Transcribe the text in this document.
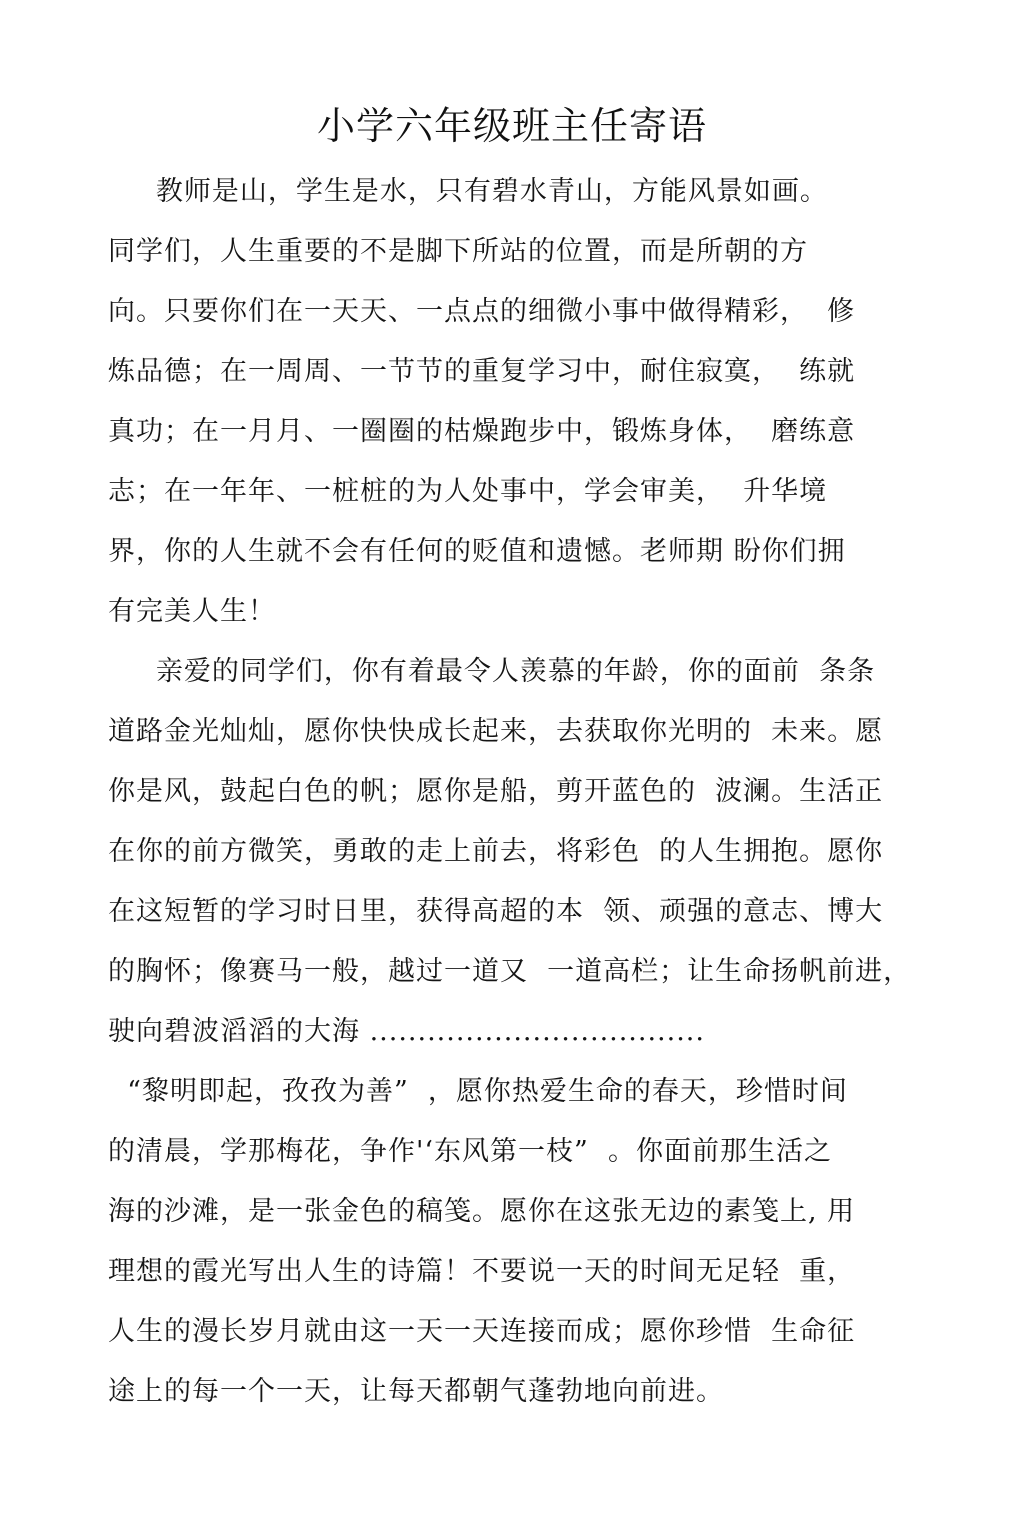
小学六年级班主任寄语
教师是山，学生是水，只有碧水青山，方能风景如画。
同学们，人生重要的不是脚下所站的位置，而是所朝的方
向。只要你们在一天天、一点点的细微小事中做得精彩，  修
炼品德；在一周周、一节节的重复学习中，耐住寂寞，  练就
真功；在一月月、一圈圈的枯燥跑步中，锻炼身体，  磨练意
志；在一年年、一桩桩的为人处事中，学会审美，  升华境
界，你的人生就不会有任何的贬值和遗憾。老师期 盼你们拥
有完美人生！
亲爱的同学们，你有着最令人羡慕的年龄，你的面前  条条
道路金光灿灿，愿你快快成长起来，去获取你光明的  未来。愿
你是风，鼓起白色的帆；愿你是船，剪开蓝色的  波澜。生活正
在你的前方微笑，勇敢的走上前去，将彩色  的人生拥抱。愿你
在这短暂的学习时日里，获得高超的本  领、顽强的意志、博大
的胸怀；像赛马一般，越过一道又  一道高栏；让生命扬帆前进，
驶向碧波滔滔的大海 ...................................
“黎明即起，孜孜为善”  ，愿你热爱生命的春天，珍惜时间
的清晨，学那梅花，争作'‘东风第一枝”  。你面前那生活之
海的沙滩，是一张金色的稿笺。愿你在这张无边的素笺上, 用
理想的霞光写出人生的诗篇！不要说一天的时间无足轻  重，
人生的漫长岁月就由这一天一天连接而成；愿你珍惜  生命征
途上的每一个一天，让每天都朝气蓬勃地向前进。
